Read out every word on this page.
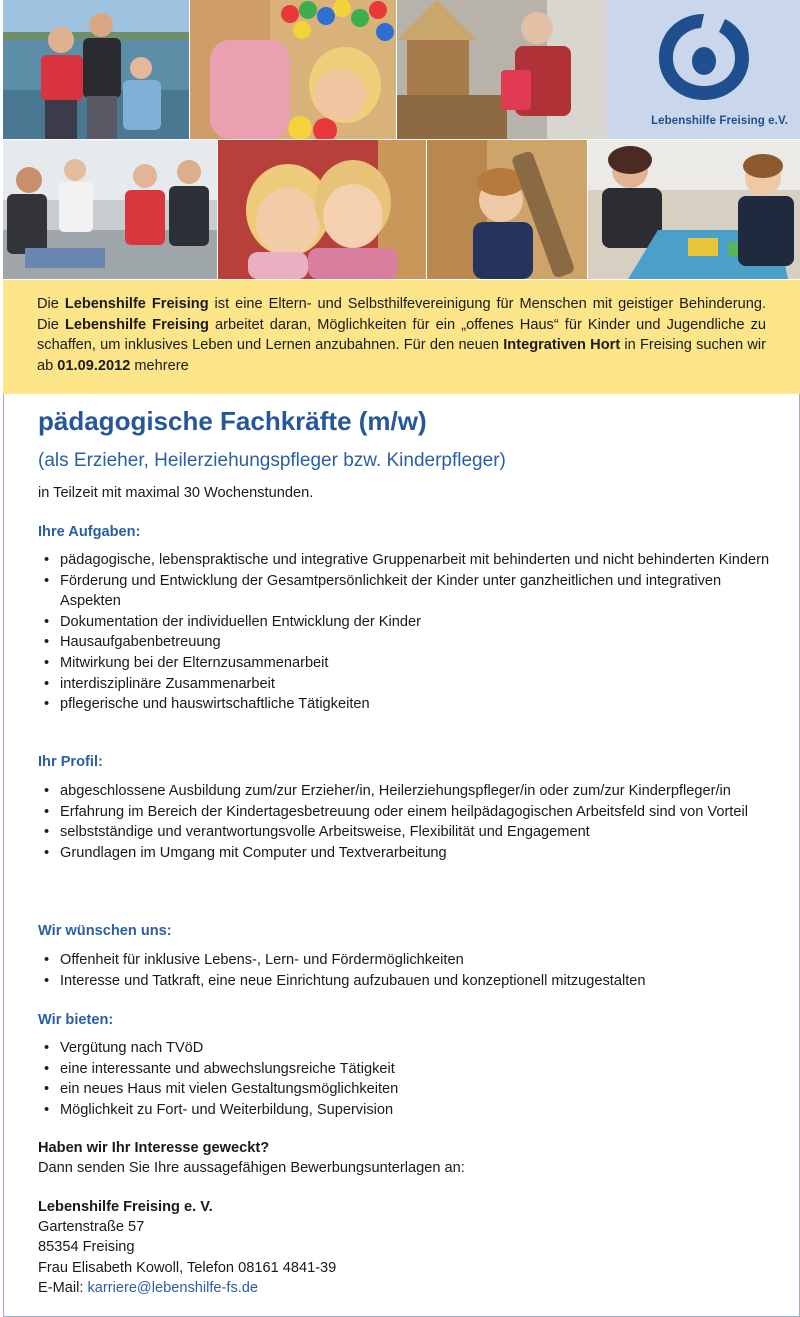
Lebenshilfe Freising e.V.
Die Lebenshilfe Freising ist eine Eltern- und Selbsthilfevereinigung für Menschen mit geistiger Behinderung. Die Lebenshilfe Freising arbeitet daran, Möglichkeiten für ein „offenes Haus“ für Kinder und Jugendliche zu schaffen, um inklusives Leben und Lernen anzubahnen. Für den neuen Integrativen Hort in Freising suchen wir ab 01.09.2012 mehrere
pädagogische Fachkräfte (m/w)
(als Erzieher, Heilerziehungspfleger bzw. Kinderpfleger)
in Teilzeit mit maximal 30 Wochenstunden.
Ihre Aufgaben:
• pädagogische, lebenspraktische und integrative Gruppenarbeit mit behinderten und nicht behinderten Kindern
• Förderung und Entwicklung der Gesamtpersönlichkeit der Kinder unter ganzheitlichen und integrativen Aspekten
• Dokumentation der individuellen Entwicklung der Kinder
• Hausaufgabenbetreuung
• Mitwirkung bei der Elternzusammenarbeit
• interdisziplinäre Zusammenarbeit
• pflegerische und hauswirtschaftliche Tätigkeiten
Ihr Profil:
• abgeschlossene Ausbildung zum/zur Erzieher/in, Heilerziehungspfleger/in oder zum/zur Kinderpfleger/in
• Erfahrung im Bereich der Kindertagesbetreuung oder einem heilpädagogischen Arbeitsfeld sind von Vorteil
• selbstständige und verantwortungsvolle Arbeitsweise, Flexibilität und Engagement
• Grundlagen im Umgang mit Computer und Textverarbeitung
Wir wünschen uns:
• Offenheit für inklusive Lebens-, Lern- und Fördermöglichkeiten
• Interesse und Tatkraft, eine neue Einrichtung aufzubauen und konzeptionell mitzugestalten
Wir bieten:
• Vergütung nach TVöD
• eine interessante und abwechslungsreiche Tätigkeit
• ein neues Haus mit vielen Gestaltungsmöglichkeiten
• Möglichkeit zu Fort- und Weiterbildung, Supervision
Haben wir Ihr Interesse geweckt?
Dann senden Sie Ihre aussagefähigen Bewerbungsunterlagen an:
Lebenshilfe Freising e. V.
Gartenstraße 57
85354 Freising
Frau Elisabeth Kowoll, Telefon 08161 4841-39
E-Mail: karriere@lebenshilfe-fs.de
